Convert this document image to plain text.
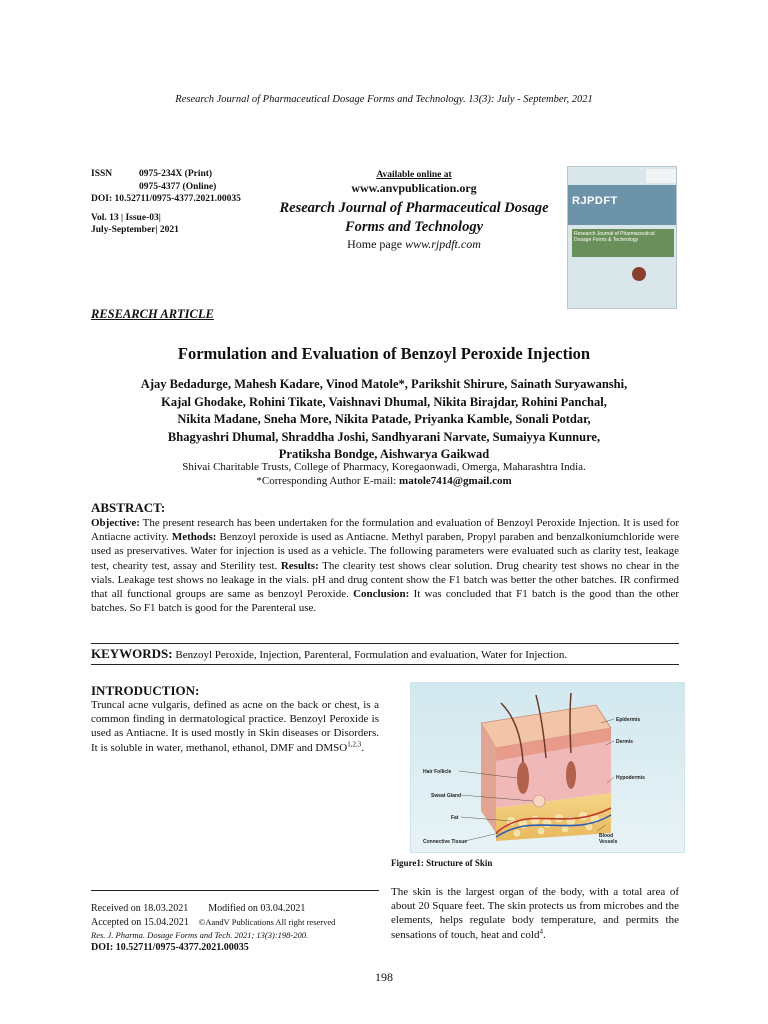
Research Journal of Pharmaceutical Dosage Forms and Technology. 13(3): July - September, 2021
ISSN	0975-234X (Print)
0975-4377 (Online)
DOI: 10.52711/0975-4377.2021.00035
Vol. 13 | Issue-03|
July-September| 2021
Available online at
www.anvpublication.org
Research Journal of Pharmaceutical Dosage
Forms and Technology
Home page www.rjpdft.com
RJPDFT
Research Journal of Pharmaceutical Dosage Forms & Technology
RESEARCH ARTICLE
Formulation and Evaluation of Benzoyl Peroxide Injection
Ajay Bedadurge, Mahesh Kadare, Vinod Matole*, Parikshit Shirure, Sainath Suryawanshi,
Kajal Ghodake, Rohini Tikate, Vaishnavi Dhumal, Nikita Birajdar, Rohini Panchal,
Nikita Madane, Sneha More, Nikita Patade, Priyanka Kamble, Sonali Potdar,
Bhagyashri Dhumal, Shraddha Joshi, Sandhyarani Narvate, Sumaiyya Kunnure,
Pratiksha Bondge, Aishwarya Gaikwad
Shivai Charitable Trusts, College of Pharmacy, Koregaonwadi, Omerga, Maharashtra India.
*Corresponding Author E-mail: matole7414@gmail.com
ABSTRACT:
Objective: The present research has been undertaken for the formulation and evaluation of Benzoyl Peroxide Injection. It is used for Antiacne activity. Methods: Benzoyl peroxide is used as Antiacne. Methyl paraben, Propyl paraben and benzalkoniumchloride were used as preservatives. Water for injection is used as a vehicle. The following parameters were evaluated such as clarity test, leakage test, chearity test, assay and Sterility test. Results: The clearity test shows clear solution. Drug chearity test shows no chear in the vials. Leakage test shows no leakage in the vials. pH and drug content show the F1 batch was better the other batches. IR confirmed that all functional groups are same as benzoyl Peroxide. Conclusion: It was concluded that F1 batch is the good than the other batches. So F1 batch is good for the Parenteral use.
KEYWORDS: Benzoyl Peroxide, Injection, Parenteral, Formulation and evaluation, Water for Injection.
INTRODUCTION:
Truncal acne vulgaris, defined as acne on the back or chest, is a common finding in dermatological practice. Benzoyl Peroxide is used as Antiacne. It is used mostly in Skin diseases or Disorders. It is soluble in water, methanol, ethanol, DMF and DMSO$^{1,2,3}$.
Epidermis
Dermis
Hypodermis
Hair Follicle
Sweat Gland
Fat
Connective Tissue
Blood
Vessels
Figure1: Structure of Skin
The skin is the largest organ of the body, with a total area of about 20 Square feet. The skin protects us from microbes and the elements, helps regulate body temperature, and permits the sensations of touch, heat and cold$^4$.
Received on 18.03.2021 Modified on 03.04.2021
Accepted on 15.04.2021 ©AandV Publications All right reserved
Res. J. Pharma. Dosage Forms and Tech. 2021; 13(3):198-200.
DOI: 10.52711/0975-4377.2021.00035
198
